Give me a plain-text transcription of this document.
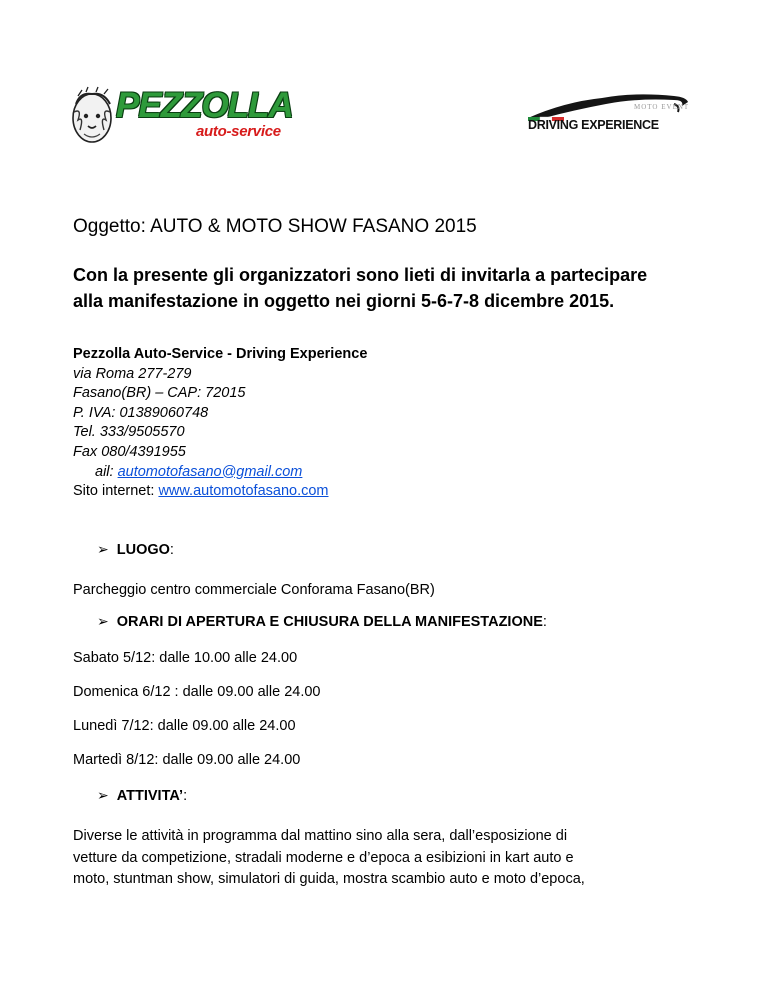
PEZZOLLA
auto-service
MOTO EVENT
DRIVING EXPERIENCE
Oggetto: AUTO & MOTO SHOW FASANO 2015
Con la presente gli organizzatori sono lieti di invitarla a partecipare
alla manifestazione in oggetto nei giorni 5-6-7-8 dicembre 2015.
Pezzolla Auto-Service - Driving Experience
via Roma 277-279
Fasano(BR) – CAP: 72015
P. IVA: 01389060748
Tel. 333/9505570
Fax 080/4391955
ail: automotofasano@gmail.com
Sito internet: www.automotofasano.com
➢ LUOGO:
Parcheggio centro commerciale Conforama Fasano(BR)
➢ ORARI DI APERTURA E CHIUSURA DELLA MANIFESTAZIONE:
Sabato 5/12: dalle 10.00 alle 24.00
Domenica 6/12 : dalle 09.00 alle 24.00
Lunedì 7/12: dalle 09.00 alle 24.00
Martedì 8/12: dalle 09.00 alle 24.00
➢ ATTIVITA’:
Diverse le attività in programma dal mattino sino alla sera, dall’esposizione di
vetture da competizione, stradali moderne e d’epoca a esibizioni in kart auto e
moto, stuntman show, simulatori di guida, mostra scambio auto e moto d’epoca,
